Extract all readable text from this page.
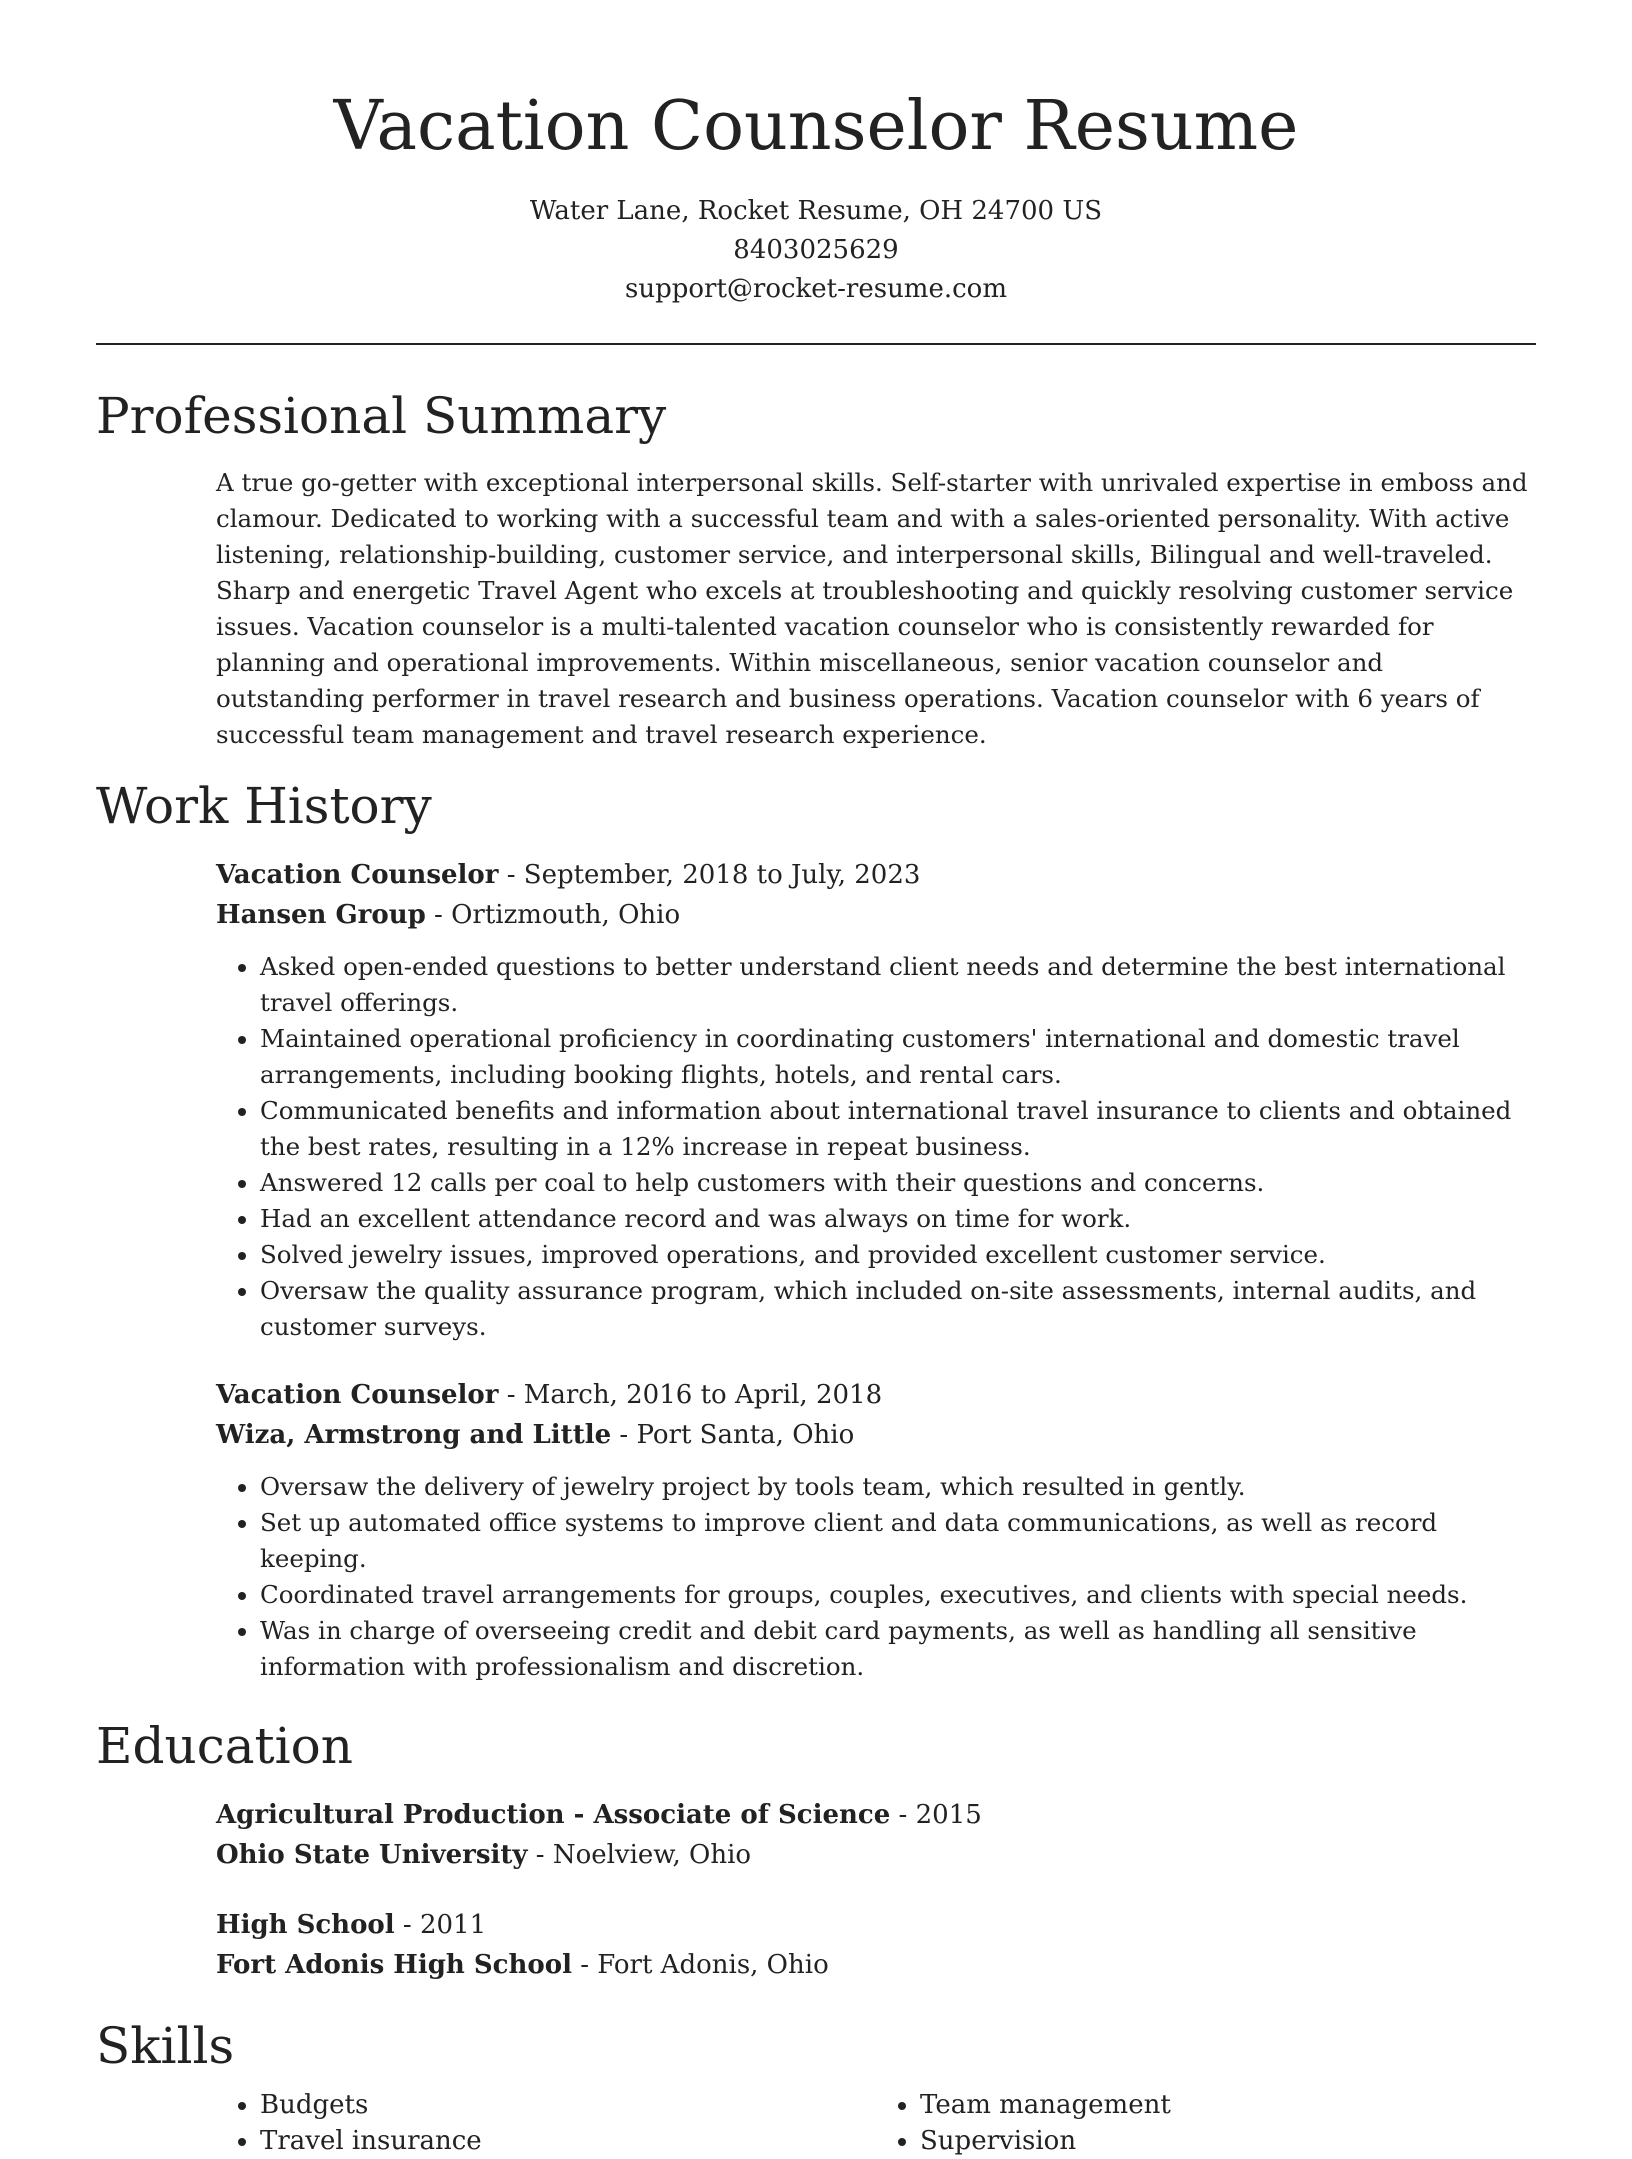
Vacation Counselor Resume
Water Lane, Rocket Resume, OH 24700 US
8403025629
support@rocket-resume.com
Professional Summary

A true go-getter with exceptional interpersonal skills. Self-starter with unrivaled expertise in emboss and clamour. Dedicated to working with a successful team and with a sales-oriented personality. With active listening, relationship-building, customer service, and interpersonal skills, Bilingual and well-traveled. Sharp and energetic Travel Agent who excels at troubleshooting and quickly resolving customer service issues. Vacation counselor is a multi-talented vacation counselor who is consistently rewarded for planning and operational improvements. Within miscellaneous, senior vacation counselor and outstanding performer in travel research and business operations. Vacation counselor with 6 years of successful team management and travel research experience.

Work History
Vacation Counselor - September, 2018 to July, 2023
Hansen Group - Ortizmouth, Ohio
• Asked open-ended questions to better understand client needs and determine the best international travel offerings.
• Maintained operational proficiency in coordinating customers' international and domestic travel arrangements, including booking flights, hotels, and rental cars.
• Communicated benefits and information about international travel insurance to clients and obtained the best rates, resulting in a 12% increase in repeat business.
• Answered 12 calls per coal to help customers with their questions and concerns.
• Had an excellent attendance record and was always on time for work.
• Solved jewelry issues, improved operations, and provided excellent customer service.
• Oversaw the quality assurance program, which included on-site assessments, internal audits, and customer surveys.
Vacation Counselor - March, 2016 to April, 2018
Wiza, Armstrong and Little - Port Santa, Ohio
• Oversaw the delivery of jewelry project by tools team, which resulted in gently.
• Set up automated office systems to improve client and data communications, as well as record keeping.
• Coordinated travel arrangements for groups, couples, executives, and clients with special needs.
• Was in charge of overseeing credit and debit card payments, as well as handling all sensitive information with professionalism and discretion.
Education
Agricultural Production - Associate of Science - 2015
Ohio State University - Noelview, Ohio
High School - 2011
Fort Adonis High School - Fort Adonis, Ohio
Skills
• Budgets
• Travel insurance
• Team management
• Supervision
